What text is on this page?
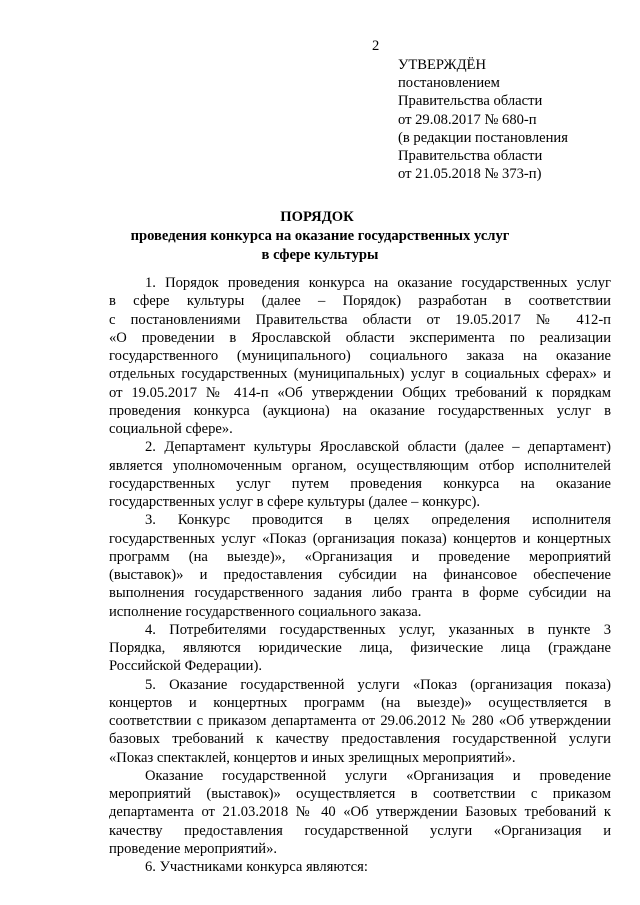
2
УТВЕРЖДЁН
постановлением
Правительства области
от 29.08.2017 № 680-п
(в редакции постановления
Правительства области
от 21.05.2018 № 373-п)
ПОРЯДОК
проведения конкурса на оказание государственных услуг
в сфере культуры
1. Порядок проведения конкурса на оказание государственных услуг
в сфере культуры (далее – Порядок) разработан в соответствии
с постановлениями Правительства области от 19.05.2017 № 412-п
«О проведении в Ярославской области эксперимента по реализации
государственного (муниципального) социального заказа на оказание
отдельных государственных (муниципальных) услуг в социальных сферах» и
от 19.05.2017 № 414-п «Об утверждении Общих требований к порядкам
проведения конкурса (аукциона) на оказание государственных услуг в
социальной сфере».
2. Департамент культуры Ярославской области (далее – департамент)
является уполномоченным органом, осуществляющим отбор исполнителей
государственных услуг путем проведения конкурса на оказание
государственных услуг в сфере культуры (далее – конкурс).
3. Конкурс проводится в целях определения исполнителя
государственных услуг «Показ (организация показа) концертов и концертных
программ (на выезде)», «Организация и проведение мероприятий
(выставок)» и предоставления субсидии на финансовое обеспечение
выполнения государственного задания либо гранта в форме субсидии на
исполнение государственного социального заказа.
4. Потребителями государственных услуг, указанных в пункте 3
Порядка, являются юридические лица, физические лица (граждане
Российской Федерации).
5. Оказание государственной услуги «Показ (организация показа)
концертов и концертных программ (на выезде)» осуществляется в
соответствии с приказом департамента от 29.06.2012 № 280 «Об утверждении
базовых требований к качеству предоставления государственной услуги
«Показ спектаклей, концертов и иных зрелищных мероприятий».
Оказание государственной услуги «Организация и проведение
мероприятий (выставок)» осуществляется в соответствии с приказом
департамента от 21.03.2018 № 40 «Об утверждении Базовых требований к
качеству предоставления государственной услуги «Организация и
проведение мероприятий».
6. Участниками конкурса являются:
